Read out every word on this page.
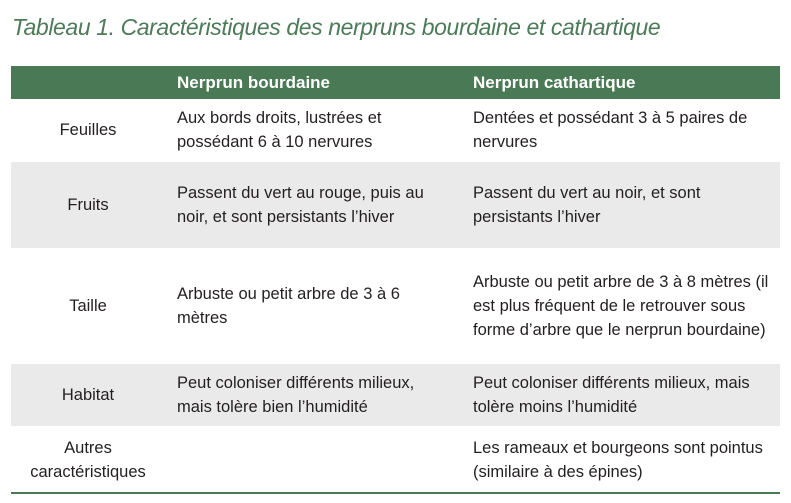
Tableau 1. Caractéristiques des nerpruns bourdaine et cathartique
	Nerprun bourdaine	Nerprun cathartique
Feuilles	Aux bords droits, lustrées et possédant 6 à 10 nervures	Dentées et possédant 3 à 5 paires de nervures
Fruits	Passent du vert au rouge, puis au noir, et sont persistants l’hiver	Passent du vert au noir, et sont persistants l’hiver
Taille	Arbuste ou petit arbre de 3 à 6 mètres	Arbuste ou petit arbre de 3 à 8 mètres (il est plus fréquent de le retrouver sous forme d’arbre que le nerprun bourdaine)
Habitat	Peut coloniser différents milieux, mais tolère bien l’humidité	Peut coloniser différents milieux, mais tolère moins l’humidité
Autres caractéristiques		Les rameaux et bourgeons sont pointus (similaire à des épines)
